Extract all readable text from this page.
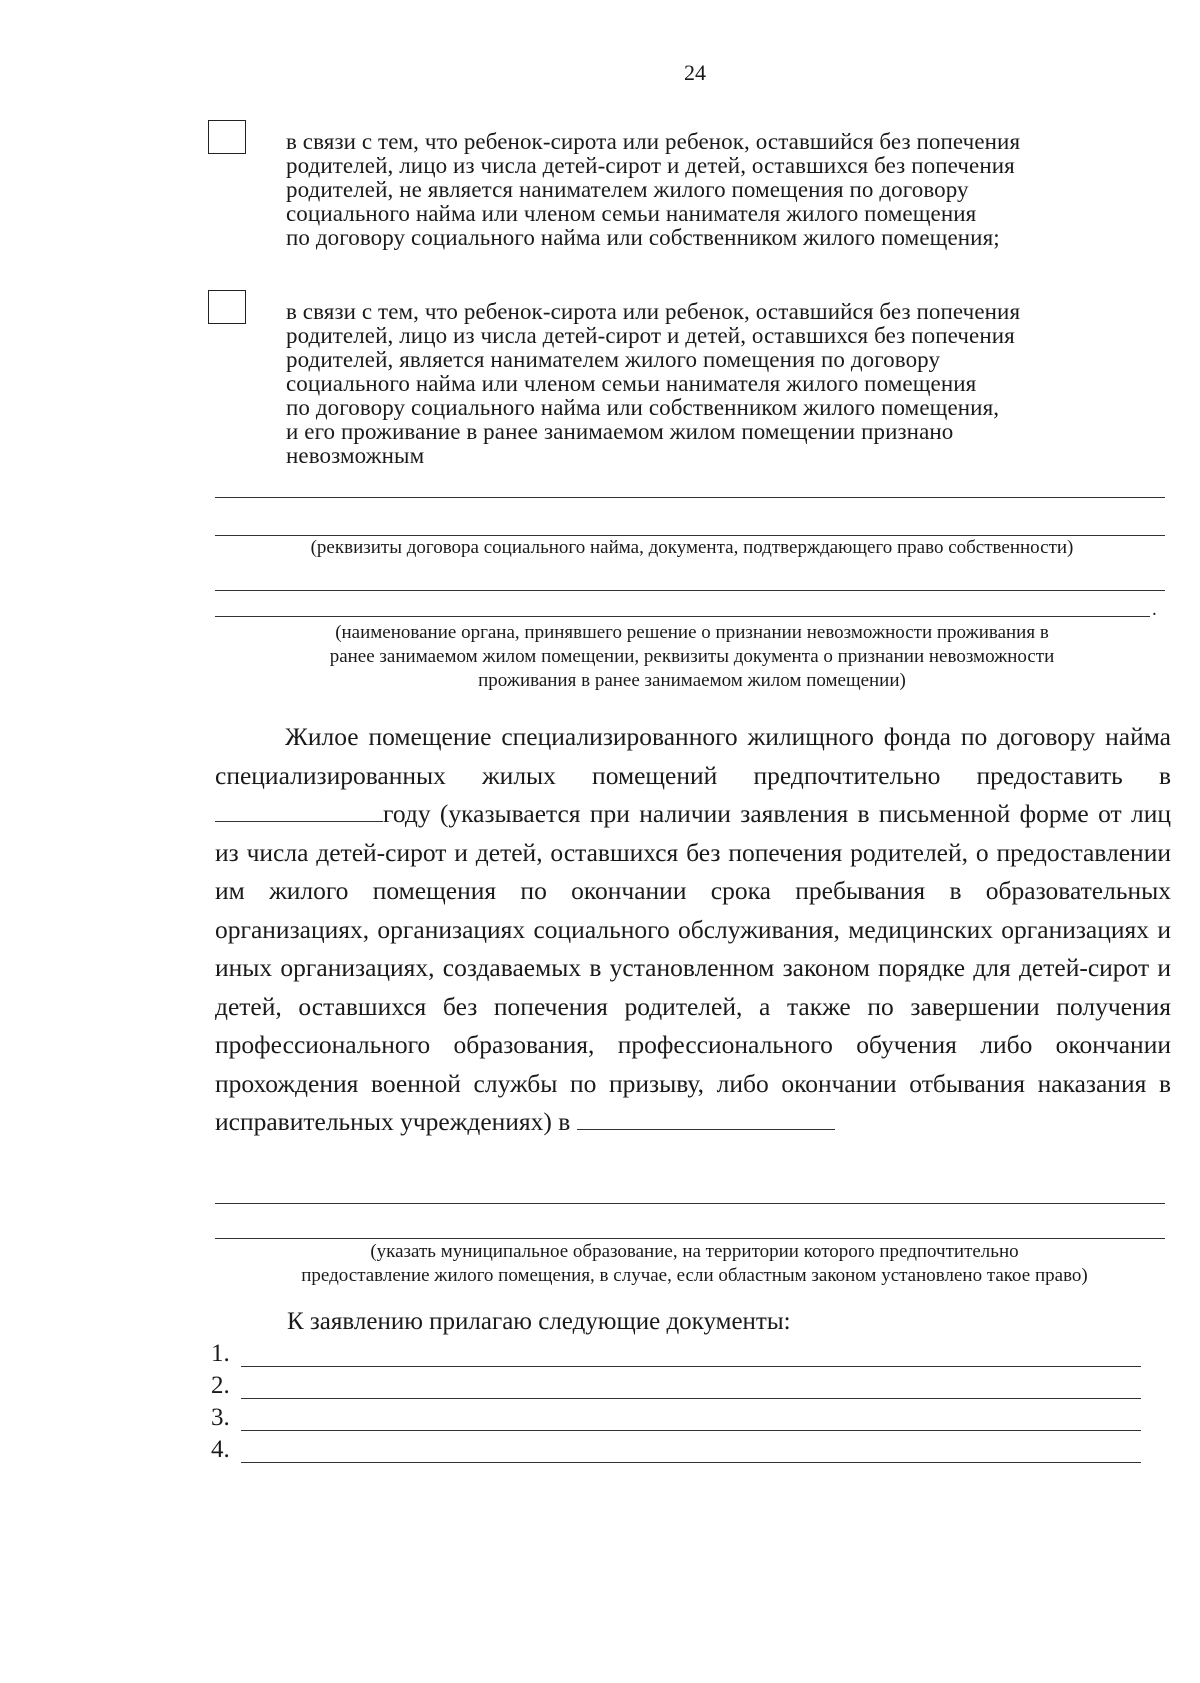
24
в связи с тем, что ребенок-сирота или ребенок, оставшийся без попечения
родителей, лицо из числа детей-сирот и детей, оставшихся без попечения
родителей, не является нанимателем жилого помещения по договору
социального найма или членом семьи нанимателя жилого помещения
по договору социального найма или собственником жилого помещения;
в связи с тем, что ребенок-сирота или ребенок, оставшийся без попечения
родителей, лицо из числа детей-сирот и детей, оставшихся без попечения
родителей, является нанимателем жилого помещения по договору
социального найма или членом семьи нанимателя жилого помещения
по договору социального найма или собственником жилого помещения,
и его проживание в ранее занимаемом жилом помещении признано
невозможным
(реквизиты договора социального найма, документа, подтверждающего право собственности)
.
(наименование органа, принявшего решение о признании невозможности проживания в
ранее занимаемом жилом помещении, реквизиты документа о признании невозможности
проживания в ранее занимаемом жилом помещении)
Жилое помещение специализированного жилищного фонда по договору найма специализированных жилых помещений предпочтительно предоставить вгоду (указывается при наличии заявления в письменной форме от лиц из числа детей-сирот и детей, оставшихся без попечения родителей, о предоставлении им жилого помещения по окончании срока пребывания в образовательных организациях, организациях социального обслуживания, медицинских организациях и иных организациях, создаваемых в установленном законом порядке для детей-сирот и детей, оставшихся без попечения родителей, а также по завершении получения профессионального образования, профессионального обучения либо окончании прохождения военной службы по призыву, либо окончании отбывания наказания в исправительных учреждениях) в
(указать муниципальное образование, на территории которого предпочтительно
предоставление жилого помещения, в случае, если областным законом установлено такое право)
К заявлению прилагаю следующие документы:
1.
2.
3.
4.
